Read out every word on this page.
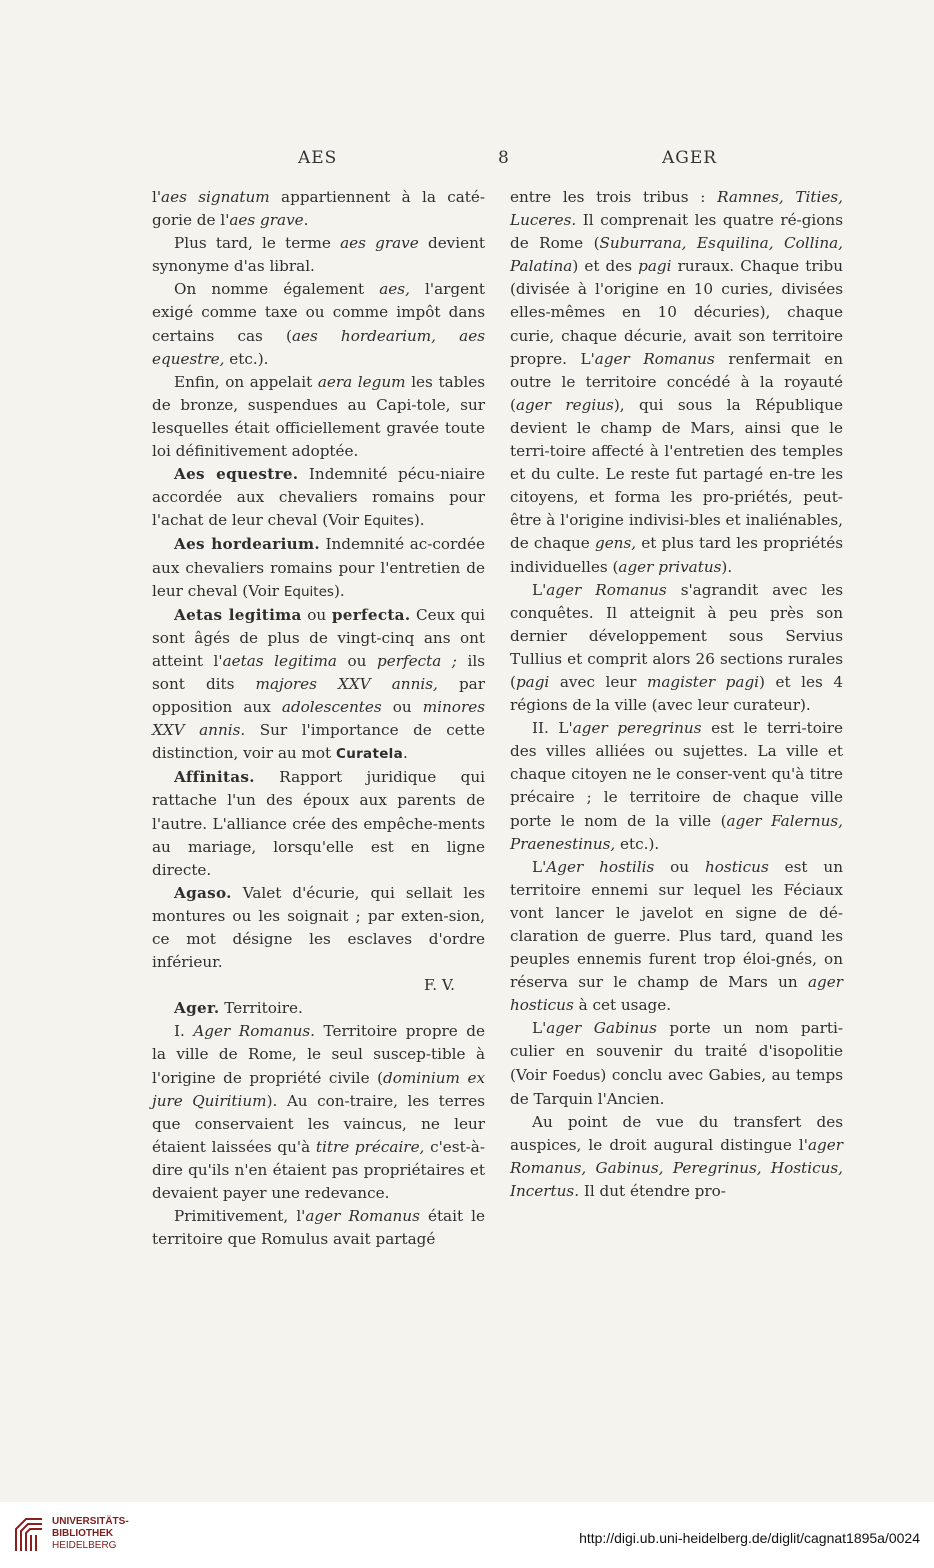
AES	8	AGER

l'aes signatum appartiennent à la caté-gorie de l'aes grave.

Plus tard, le terme aes grave devient synonyme d'as libral.

On nomme également aes, l'argent exigé comme taxe ou comme impôt dans certains cas (aes hordearium, aes equestre, etc.).

Enfin, on appelait aera legum les tables de bronze, suspendues au Capi-tole, sur lesquelles était officiellement gravée toute loi définitivement adoptée.

Aes equestre. Indemnité pécu-niaire accordée aux chevaliers romains pour l'achat de leur cheval (Voir Equites).

Aes hordearium. Indemnité ac-cordée aux chevaliers romains pour l'entretien de leur cheval (Voir Equites).

Aetas legitima ou perfecta. Ceux qui sont âgés de plus de vingt-cinq ans ont atteint l'aetas legitima ou perfecta ; ils sont dits majores XXV annis, par opposition aux adolescentes ou minores XXV annis. Sur l'importance de cette distinction, voir au mot Curatela.

Affinitas. Rapport juridique qui rattache l'un des époux aux parents de l'autre. L'alliance crée des empêche-ments au mariage, lorsqu'elle est en ligne directe.

Agaso. Valet d'écurie, qui sellait les montures ou les soignait ; par exten-sion, ce mot désigne les esclaves d'ordre inférieur.

F. V.

Ager. Territoire.

I. Ager Romanus. Territoire propre de la ville de Rome, le seul suscep-tible à l'origine de propriété civile (dominium ex jure Quiritium). Au con-traire, les terres que conservaient les vaincus, ne leur étaient laissées qu'à titre précaire, c'est-à-dire qu'ils n'en étaient pas propriétaires et devaient payer une redevance.

Primitivement, l'ager Romanus était le territoire que Romulus avait partagé

entre les trois tribus : Ramnes, Tities, Luceres. Il comprenait les quatre ré-gions de Rome (Suburrana, Esquilina, Collina, Palatina) et des pagi ruraux. Chaque tribu (divisée à l'origine en 10 curies, divisées elles-mêmes en 10 décuries), chaque curie, chaque décurie, avait son territoire propre. L'ager Romanus renfermait en outre le territoire concédé à la royauté (ager regius), qui sous la République devient le champ de Mars, ainsi que le terri-toire affecté à l'entretien des temples et du culte. Le reste fut partagé en-tre les citoyens, et forma les pro-priétés, peut-être à l'origine indivisi-bles et inaliénables, de chaque gens, et plus tard les propriétés individuelles (ager privatus).

L'ager Romanus s'agrandit avec les conquêtes. Il atteignit à peu près son dernier développement sous Servius Tullius et comprit alors 26 sections rurales (pagi avec leur magister pagi) et les 4 régions de la ville (avec leur curateur).

II. L'ager peregrinus est le terri-toire des villes alliées ou sujettes. La ville et chaque citoyen ne le conser-vent qu'à titre précaire ; le territoire de chaque ville porte le nom de la ville (ager Falernus, Praenestinus, etc.).

L'Ager hostilis ou hosticus est un territoire ennemi sur lequel les Féciaux vont lancer le javelot en signe de dé-claration de guerre. Plus tard, quand les peuples ennemis furent trop éloi-gnés, on réserva sur le champ de Mars un ager hosticus à cet usage.

L'ager Gabinus porte un nom parti-culier en souvenir du traité d'isopolitie (Voir Foedus) conclu avec Gabies, au temps de Tarquin l'Ancien.

Au point de vue du transfert des auspices, le droit augural distingue l'ager Romanus, Gabinus, Peregrinus, Hosticus, Incertus. Il dut étendre pro-

UNIVERSITÄTS-
BIBLIOTHEK
HEIDELBERG	http://digi.ub.uni-heidelberg.de/diglit/cagnat1895a/0024
